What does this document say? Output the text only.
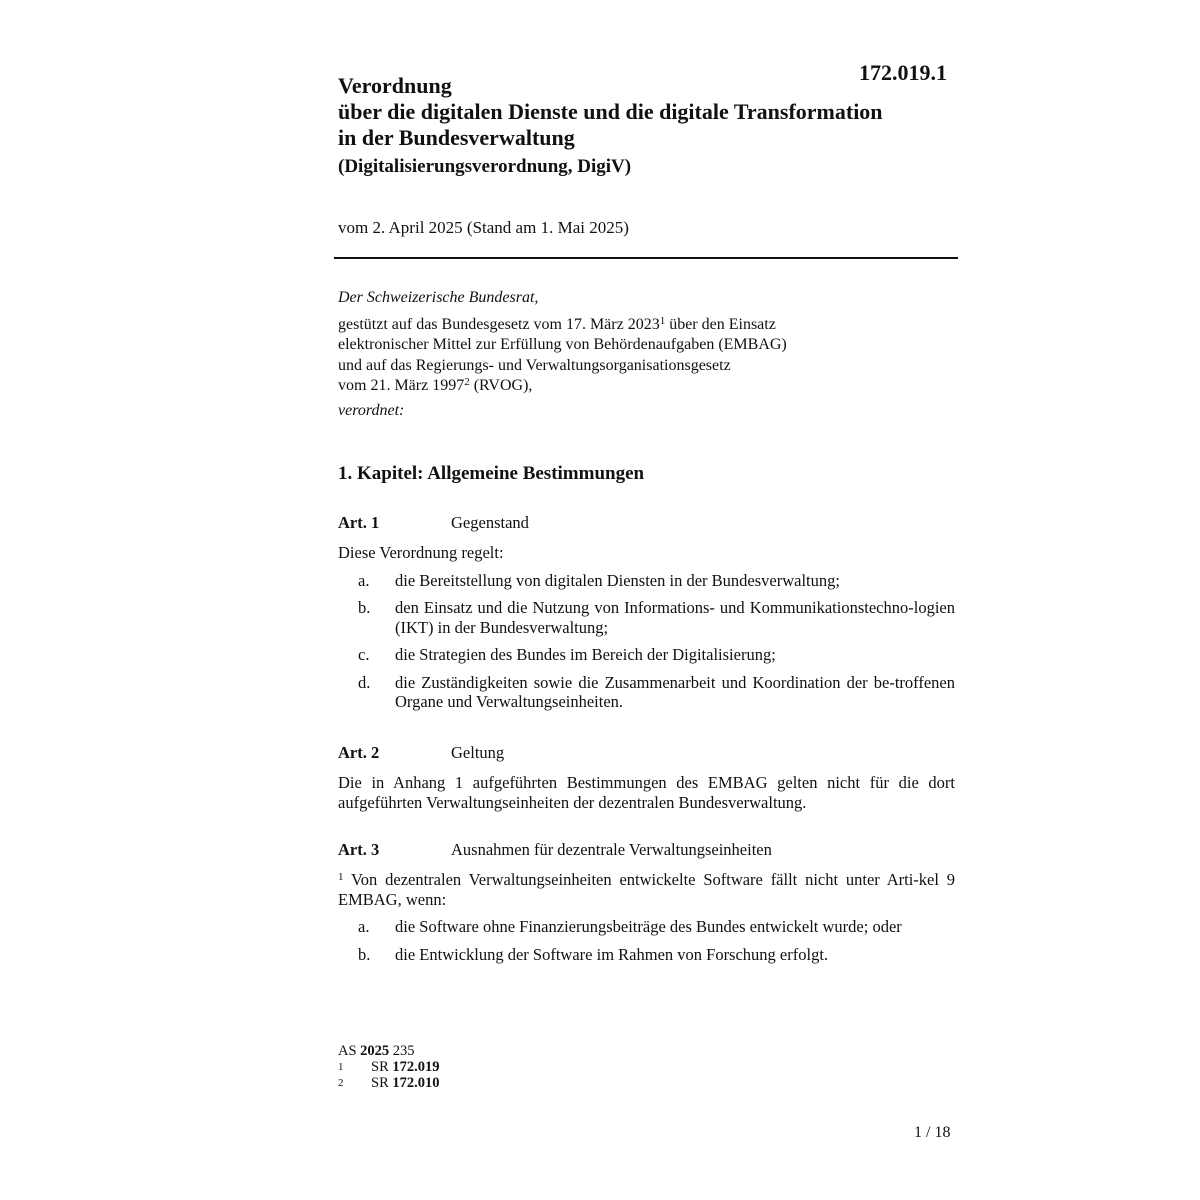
172.019.1
Verordnung
über die digitalen Dienste und die digitale Transformation
in der Bundesverwaltung
(Digitalisierungsverordnung, DigiV)
vom 2. April 2025 (Stand am 1. Mai 2025)
Der Schweizerische Bundesrat,
gestützt auf das Bundesgesetz vom 17. März 2023$^1$ über den Einsatz
elektronischer Mittel zur Erfüllung von Behördenaufgaben (EMBAG)
und auf das Regierungs- und Verwaltungsorganisationsgesetz
vom 21. März 1997$^2$ (RVOG),
verordnet:
1. Kapitel: Allgemeine Bestimmungen
Art. 1	Gegenstand
Diese Verordnung regelt:
a.	die Bereitstellung von digitalen Diensten in der Bundesverwaltung;
b.	den Einsatz und die Nutzung von Informations- und Kommunikationstechno-logien (IKT) in der Bundesverwaltung;
c.	die Strategien des Bundes im Bereich der Digitalisierung;
d.	die Zuständigkeiten sowie die Zusammenarbeit und Koordination der be-troffenen Organe und Verwaltungseinheiten.
Art. 2	Geltung
Die in Anhang 1 aufgeführten Bestimmungen des EMBAG gelten nicht für die dort aufgeführten Verwaltungseinheiten der dezentralen Bundesverwaltung.
Art. 3	Ausnahmen für dezentrale Verwaltungseinheiten
$^1$ Von dezentralen Verwaltungseinheiten entwickelte Software fällt nicht unter Arti-kel 9 EMBAG, wenn:
a.	die Software ohne Finanzierungsbeiträge des Bundes entwickelt wurde; oder
b.	die Entwicklung der Software im Rahmen von Forschung erfolgt.
AS 2025 235
1	SR 172.019
2	SR 172.010
1 / 18
